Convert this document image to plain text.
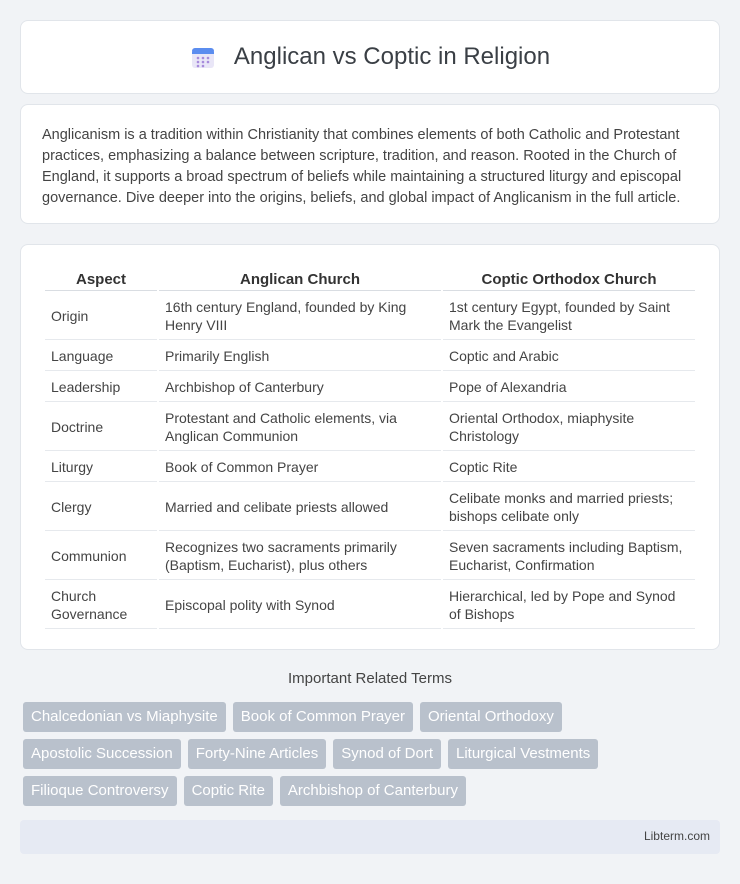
Anglican vs Coptic in Religion

Anglicanism is a tradition within Christianity that combines elements of both Catholic and Protestant practices, emphasizing a balance between scripture, tradition, and reason. Rooted in the Church of England, it supports a broad spectrum of beliefs while maintaining a structured liturgy and episcopal governance. Dive deeper into the origins, beliefs, and global impact of Anglicanism in the full article.

Aspect	Anglican Church	Coptic Orthodox Church
Origin	16th century England, founded by King Henry VIII	1st century Egypt, founded by Saint Mark the Evangelist
Language	Primarily English	Coptic and Arabic
Leadership	Archbishop of Canterbury	Pope of Alexandria
Doctrine	Protestant and Catholic elements, via Anglican Communion	Oriental Orthodox, miaphysite Christology
Liturgy	Book of Common Prayer	Coptic Rite
Clergy	Married and celibate priests allowed	Celibate monks and married priests; bishops celibate only
Communion	Recognizes two sacraments primarily (Baptism, Eucharist), plus others	Seven sacraments including Baptism, Eucharist, Confirmation
Church Governance	Episcopal polity with Synod	Hierarchical, led by Pope and Synod of Bishops
Important Related Terms
Chalcedonian vs Miaphysite	Book of Common Prayer	Oriental Orthodoxy
Apostolic Succession	Forty-Nine Articles	Synod of Dort	Liturgical Vestments
Filioque Controversy	Coptic Rite	Archbishop of Canterbury
Libterm.com
